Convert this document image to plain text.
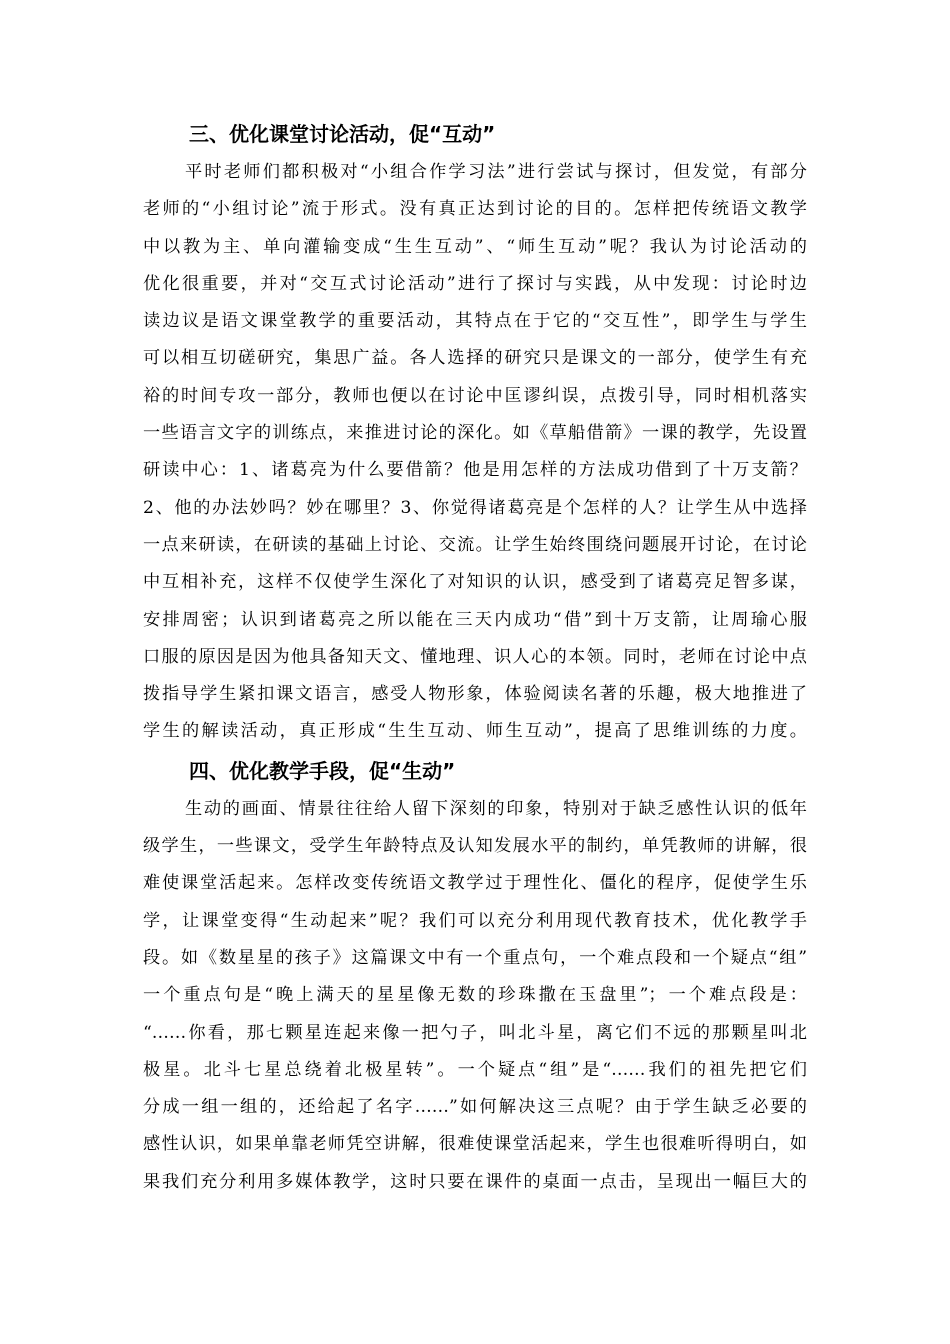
三、优化课堂讨论活动，促“互动”
平时老师们都积极对“小组合作学习法”进行尝试与探讨，但发觉，有部分
老师的“小组讨论”流于形式。没有真正达到讨论的目的。怎样把传统语文教学
中以教为主、单向灌输变成“生生互动”、“师生互动”呢？我认为讨论活动的
优化很重要，并对“交互式讨论活动”进行了探讨与实践，从中发现：讨论时边
读边议是语文课堂教学的重要活动，其特点在于它的“交互性”，即学生与学生
可以相互切磋研究，集思广益。各人选择的研究只是课文的一部分，使学生有充
裕的时间专攻一部分，教师也便以在讨论中匡谬纠误，点拨引导，同时相机落实
一些语言文字的训练点，来推进讨论的深化。如《草船借箭》一课的教学，先设置
研读中心：1、诸葛亮为什么要借箭？他是用怎样的方法成功借到了十万支箭？
2、他的办法妙吗？妙在哪里？3、你觉得诸葛亮是个怎样的人？让学生从中选择
一点来研读，在研读的基础上讨论、交流。让学生始终围绕问题展开讨论，在讨论
中互相补充，这样不仅使学生深化了对知识的认识，感受到了诸葛亮足智多谋，
安排周密；认识到诸葛亮之所以能在三天内成功“借”到十万支箭，让周瑜心服
口服的原因是因为他具备知天文、懂地理、识人心的本领。同时，老师在讨论中点
拨指导学生紧扣课文语言，感受人物形象，体验阅读名著的乐趣，极大地推进了
学生的解读活动，真正形成“生生互动、师生互动”，提高了思维训练的力度。
四、优化教学手段，促“生动”
生动的画面、情景往往给人留下深刻的印象，特别对于缺乏感性认识的低年
级学生，一些课文，受学生年龄特点及认知发展水平的制约，单凭教师的讲解，很
难使课堂活起来。怎样改变传统语文教学过于理性化、僵化的程序，促使学生乐
学，让课堂变得“生动起来”呢？我们可以充分利用现代教育技术，优化教学手
段。如《数星星的孩子》这篇课文中有一个重点句，一个难点段和一个疑点“组”
一个重点句是“晚上满天的星星像无数的珍珠撒在玉盘里”；一个难点段是：
“……你看，那七颗星连起来像一把勺子，叫北斗星，离它们不远的那颗星叫北
极星。北斗七星总绕着北极星转”。一个疑点“组”是“……我们的祖先把它们
分成一组一组的，还给起了名字……”如何解决这三点呢？由于学生缺乏必要的
感性认识，如果单靠老师凭空讲解，很难使课堂活起来，学生也很难听得明白，如
果我们充分利用多媒体教学，这时只要在课件的桌面一点击，呈现出一幅巨大的
